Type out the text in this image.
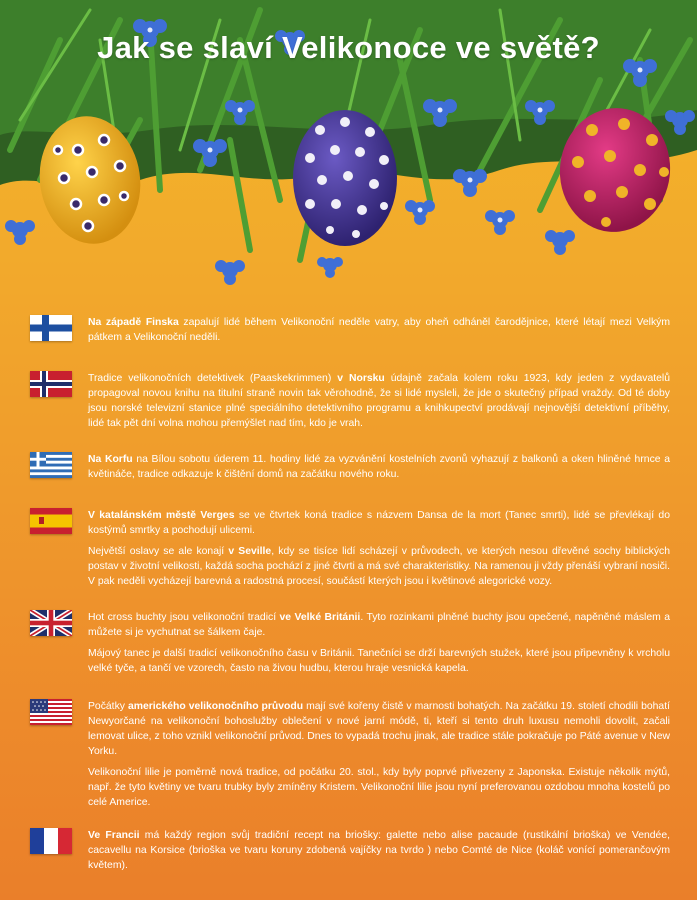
Jak se slaví Velikonoce ve světě?

Na západě Finska zapalují lidé během Velikonoční neděle vatry, aby oheň odháněl čarodějnice, které létají mezi Velkým pátkem a Velikonoční neděli.

Tradice velikonočních detektivek (Paaskekrimmen) v Norsku údajně začala kolem roku 1923, kdy jeden z vydavatelů propagoval novou knihu na titulní straně novin tak věrohodně, že si lidé mysleli, že jde o skutečný případ vraždy. Od té doby jsou norské televizní stanice plné speciálního detektivního programu a knihkupectví prodávají nejnovější detektivní příběhy, lidé tak pět dní volna mohou přemýšlet nad tím, kdo je vrah.

Na Korfu na Bílou sobotu úderem 11. hodiny lidé za vyzvánění kostelních zvonů vyhazují z balkonů a oken hliněné hrnce a květináče, tradice odkazuje k čištění domů na začátku nového roku.

V katalánském městě Verges se ve čtvrtek koná tradice s názvem Dansa de la mort (Tanec smrti), lidé se převlékají do kostýmů smrtky a pochodují ulicemi.

Největší oslavy se ale konají v Seville, kdy se tisíce lidí scházejí v průvodech, ve kterých nesou dřevěné sochy biblických postav v životní velikosti, každá socha pochází z jiné čtvrti a má své charakteristiky. Na ramenou ji vždy přenáší vybraní nosiči. V pak neděli vycházejí barevná a radostná procesí, součástí kterých jsou i květinové alegorické vozy.

Hot cross buchty jsou velikonoční tradicí ve Velké Británii. Tyto rozinkami plněné buchty jsou opečené, napěněné máslem a můžete si je vychutnat se šálkem čaje.

Májový tanec je další tradicí velikonočního času v Británii. Tanečníci se drží barevných stužek, které jsou připevněny k vrcholu velké tyče, a tančí ve vzorech, často na živou hudbu, kterou hraje vesnická kapela.

Počátky amerického velikonočního průvodu mají své kořeny čistě v marnosti bohatých. Na začátku 19. století chodili bohatí Newyorčané na velikonoční bohoslužby oblečení v nové jarní módě, ti, kteří si tento druh luxusu nemohli dovolit, začali lemovat ulice, z toho vznikl velikonoční průvod. Dnes to vypadá trochu jinak, ale tradice stále pokračuje po Páté avenue v New Yorku.

Velikonoční lilie je poměrně nová tradice, od počátku 20. stol., kdy byly poprvé přivezeny z Japonska. Existuje několik mýtů, např. že tyto květiny ve tvaru trubky byly zmíněny Kristem. Velikonoční lilie jsou nyní preferovanou ozdobou mnoha kostelů po celé Americe.

Ve Francii má každý region svůj tradiční recept na briošky: galette nebo alise pacaude (rustikální brioška) ve Vendée, cacavellu na Korsice (brioška ve tvaru koruny zdobená vajíčky na tvrdo ) nebo Comté de Nice (koláč vonící pomerančovým květem).
